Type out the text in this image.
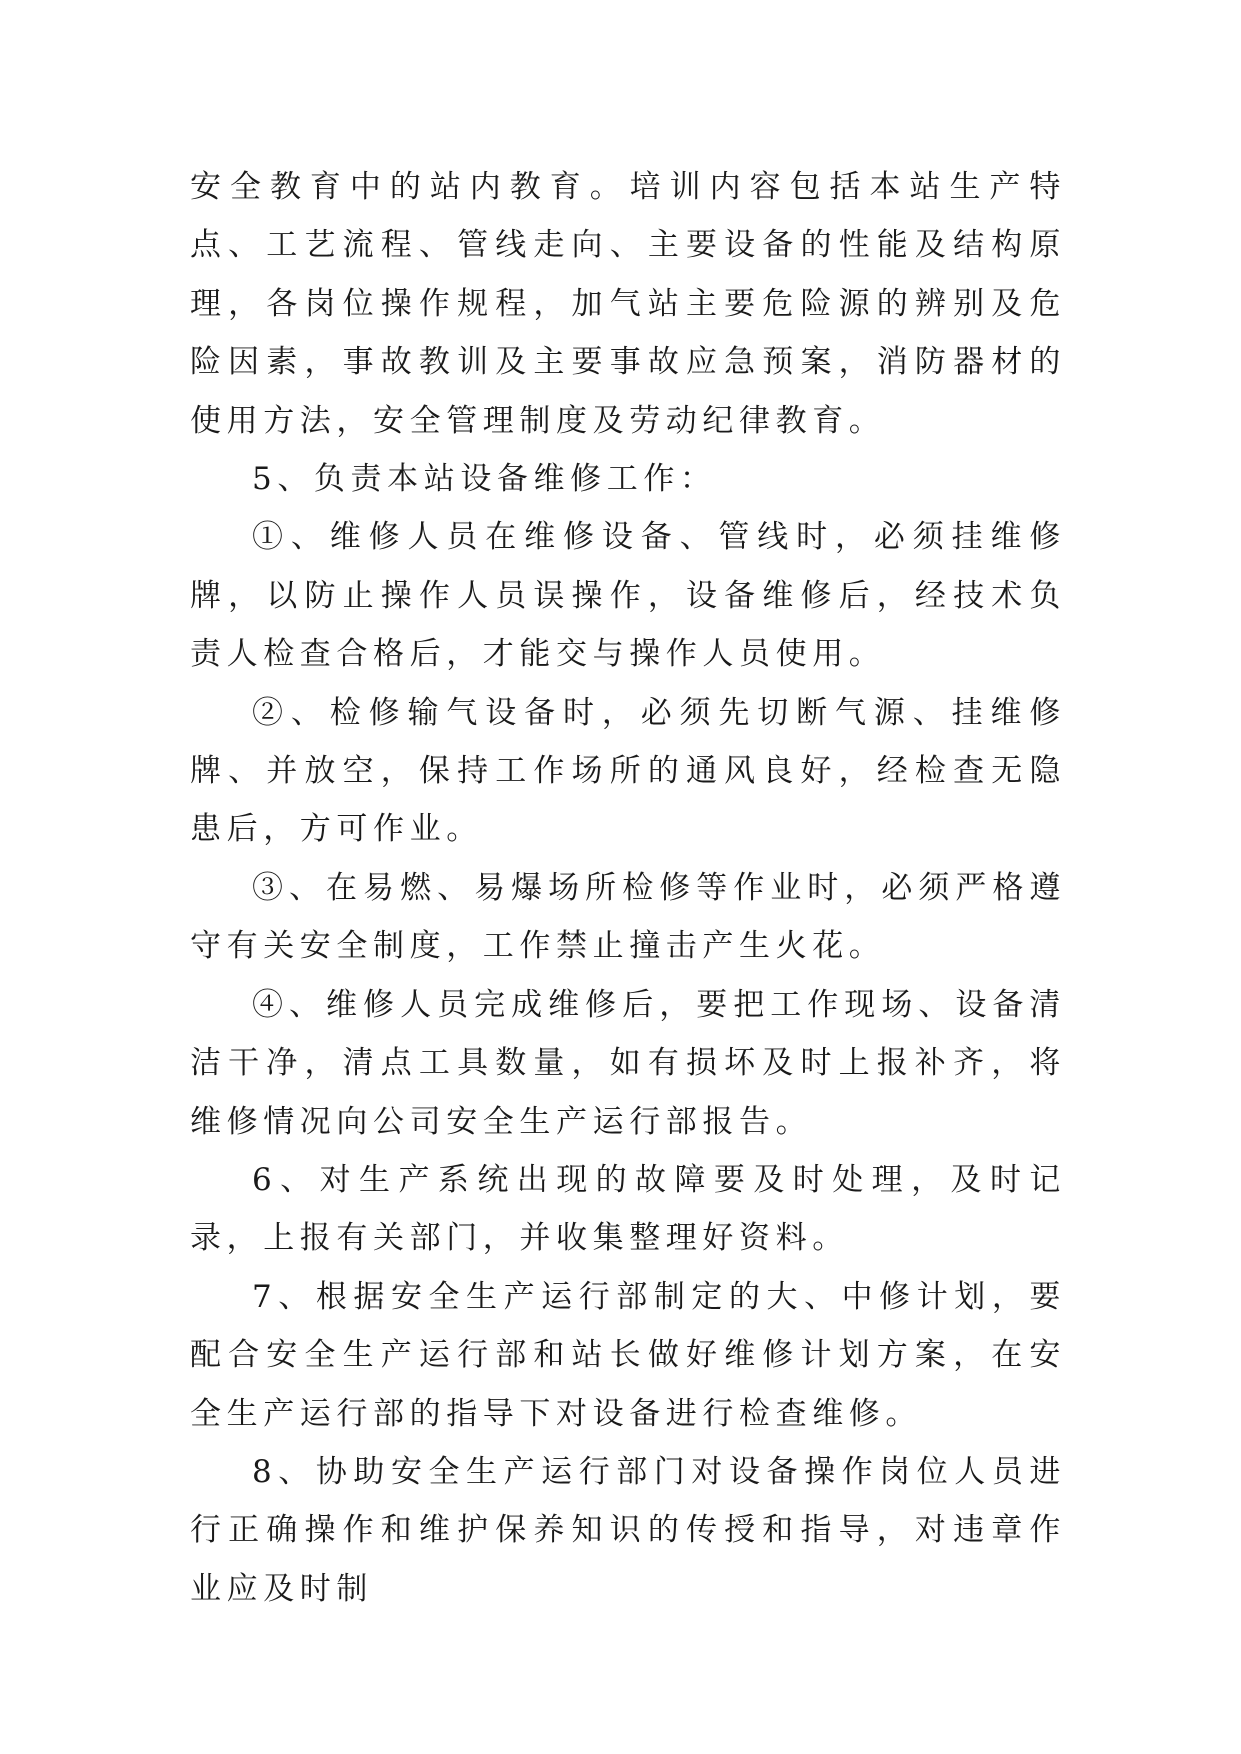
安全教育中的站内教育。培训内容包括本站生产特点、工艺流程、管线走向、主要设备的性能及结构原理，各岗位操作规程，加气站主要危险源的辨别及危险因素，事故教训及主要事故应急预案，消防器材的使用方法，安全管理制度及劳动纪律教育。

5、负责本站设备维修工作：

①、维修人员在维修设备、管线时，必须挂维修牌，以防止操作人员误操作，设备维修后，经技术负责人检查合格后，才能交与操作人员使用。

②、检修输气设备时，必须先切断气源、挂维修牌、并放空，保持工作场所的通风良好，经检查无隐患后，方可作业。

③、在易燃、易爆场所检修等作业时，必须严格遵守有关安全制度，工作禁止撞击产生火花。

④、维修人员完成维修后，要把工作现场、设备清洁干净，清点工具数量，如有损坏及时上报补齐，将维修情况向公司安全生产运行部报告。

6、对生产系统出现的故障要及时处理，及时记录，上报有关部门，并收集整理好资料。

7、根据安全生产运行部制定的大、中修计划，要配合安全生产运行部和站长做好维修计划方案，在安全生产运行部的指导下对设备进行检查维修。

8、协助安全生产运行部门对设备操作岗位人员进行正确操作和维护保养知识的传授和指导，对违章作业应及时制
